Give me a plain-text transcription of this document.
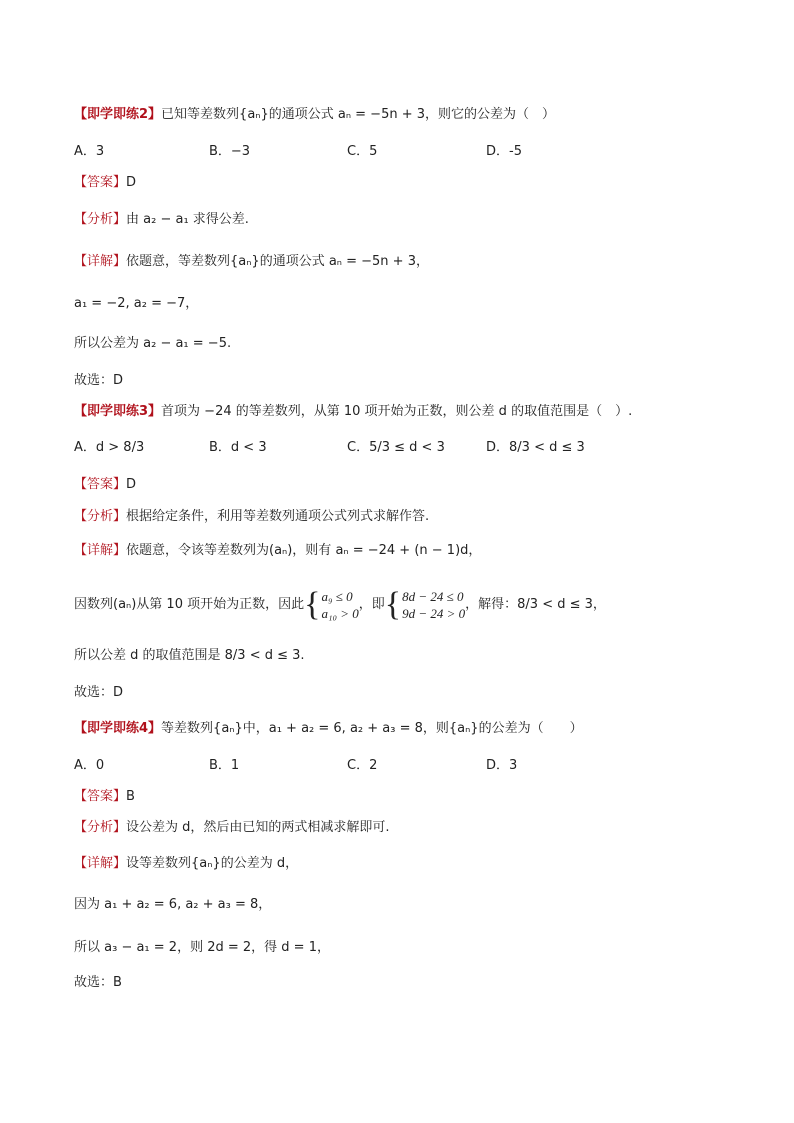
【即学即练2】已知等差数列{aₙ}的通项公式 aₙ = −5n + 3，则它的公差为（　）
A．3	B．−3	C．5	D．-5
【答案】D
【分析】由 a₂ − a₁ 求得公差.
【详解】依题意，等差数列{aₙ}的通项公式 aₙ = −5n + 3，
a₁ = −2, a₂ = −7，
所以公差为 a₂ − a₁ = −5.
故选：D
【即学即练3】首项为 −24 的等差数列，从第 10 项开始为正数，则公差 d 的取值范围是（　）.
A．d > 8/3	B．d < 3	C．5/3 ≤ d < 3	D．8/3 < d ≤ 3
【答案】D
【分析】根据给定条件，利用等差数列通项公式列式求解作答.
【详解】依题意，令该等差数列为(aₙ)，则有 aₙ = −24 + (n − 1)d，
因数列(aₙ)从第 10 项开始为正数，因此{ a₉ ≤ 0
a₁₀ > 0
，即{ 8d − 24 ≤ 0
9d − 24 > 0
，解得：8/3 < d ≤ 3，
所以公差 d 的取值范围是 8/3 < d ≤ 3.
故选：D
【即学即练4】等差数列{aₙ}中，a₁ + a₂ = 6, a₂ + a₃ = 8，则{aₙ}的公差为（　　）
A．0	B．1	C．2	D．3
【答案】B
【分析】设公差为 d，然后由已知的两式相减求解即可.
【详解】设等差数列{aₙ}的公差为 d，
因为 a₁ + a₂ = 6, a₂ + a₃ = 8，
所以 a₃ − a₁ = 2，则 2d = 2，得 d = 1，
故选：B
